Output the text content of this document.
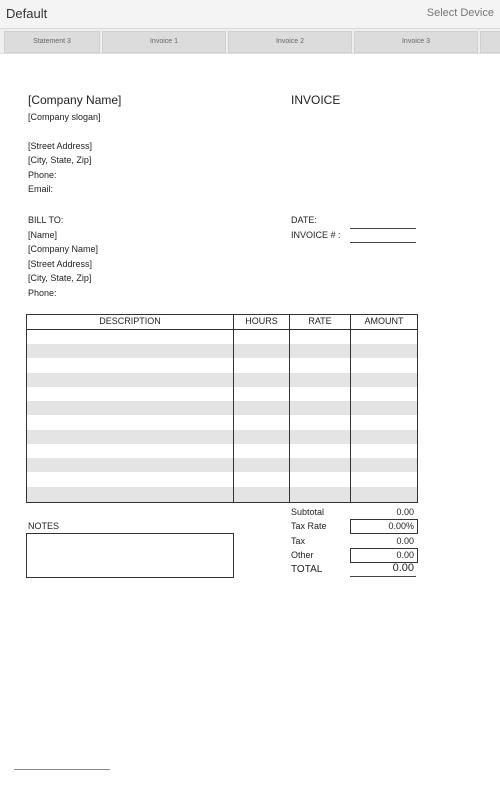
Default	Select Device
Statement 3	Invoice 1	Invoice 2	Invoice 3
[Company Name]
[Company slogan]
[Street Address]
[City, State, Zip]
Phone:
Email:
INVOICE
BILL TO:
[Name]
[Company Name]
[Street Address]
[City, State, Zip]
Phone:
DATE:
INVOICE # :
DESCRIPTION	HOURS	RATE	AMOUNT
NOTES
Subtotal	0.00
Tax Rate	0.00%
Tax	0.00
Other	0.00
TOTAL	0.00
